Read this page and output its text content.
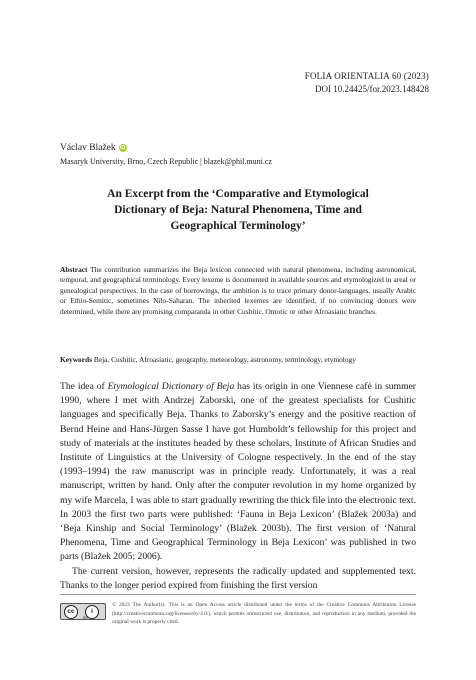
FOLIA ORIENTALIA 60 (2023)
DOI 10.24425/for.2023.148428
Václav Blažek iD
Masaryk University, Brno, Czech Republic | blazek@phil.muni.cz
An Excerpt from the ‘Comparative and Etymological
Dictionary of Beja: Natural Phenomena, Time and
Geographical Terminology’
Abstract The contribution summarizes the Beja lexicon connected with natural phenomena, including astronomical, temporal, and geographical terminology. Every lexeme is documented in available sources and etymologized in areal or genealogical perspectives. In the case of borrowings, the ambition is to trace primary donor-languages, usually Arabic or Ethio-Semitic, sometimes Nilo-Saharan. The inherited lexemes are identified, if no convincing donors were determined, while there are promising comparanda in other Cushitic, Omotic or other Afroasiatic branches.
Keywords Beja, Cushitic, Afroasiatic, geography, meteorology, astronomy, terminology, etymology

The idea of Etymological Dictionary of Beja has its origin in one Viennese café in summer 1990, where I met with Andrzej Zaborski, one of the greatest specialists for Cushitic languages and specifically Beja. Thanks to Zaborsky’s energy and the positive reaction of Bernd Heine and Hans-Jürgen Sasse I have got Humboldt’s fellowship for this project and study of materials at the institutes headed by these scholars, Institute of African Studies and Institute of Linguistics at the University of Cologne respectively. In the end of the stay (1993–1994) the raw manuscript was in principle ready. Unfortunately, it was a real manuscript, written by hand. Only after the computer revolution in my home organized by my wife Marcela, I was able to start gradually rewriting the thick file into the electronic text. In 2003 the first two parts were published: ‘Fauna in Beja Lexicon’ (Blažek 2003a) and ‘Beja Kinship and Social Terminology’ (Blažek 2003b). The first version of ‘Natural Phenomena, Time and Geographical Terminology in Beja Lexicon’ was published in two parts (Blažek 2005; 2006).

The current version, however, represents the radically updated and supplemented text. Thanks to the longer period expired from finishing the first version

cc	i
BY
© 2023 The Author(s). This is an Open Access article distributed under the terms of the Creative Commons Attribution License (http://creativecommons.org/licenses/by/4.0/), which permits unrestricted use, distribution, and reproduction in any medium, provided the original work is properly cited.
